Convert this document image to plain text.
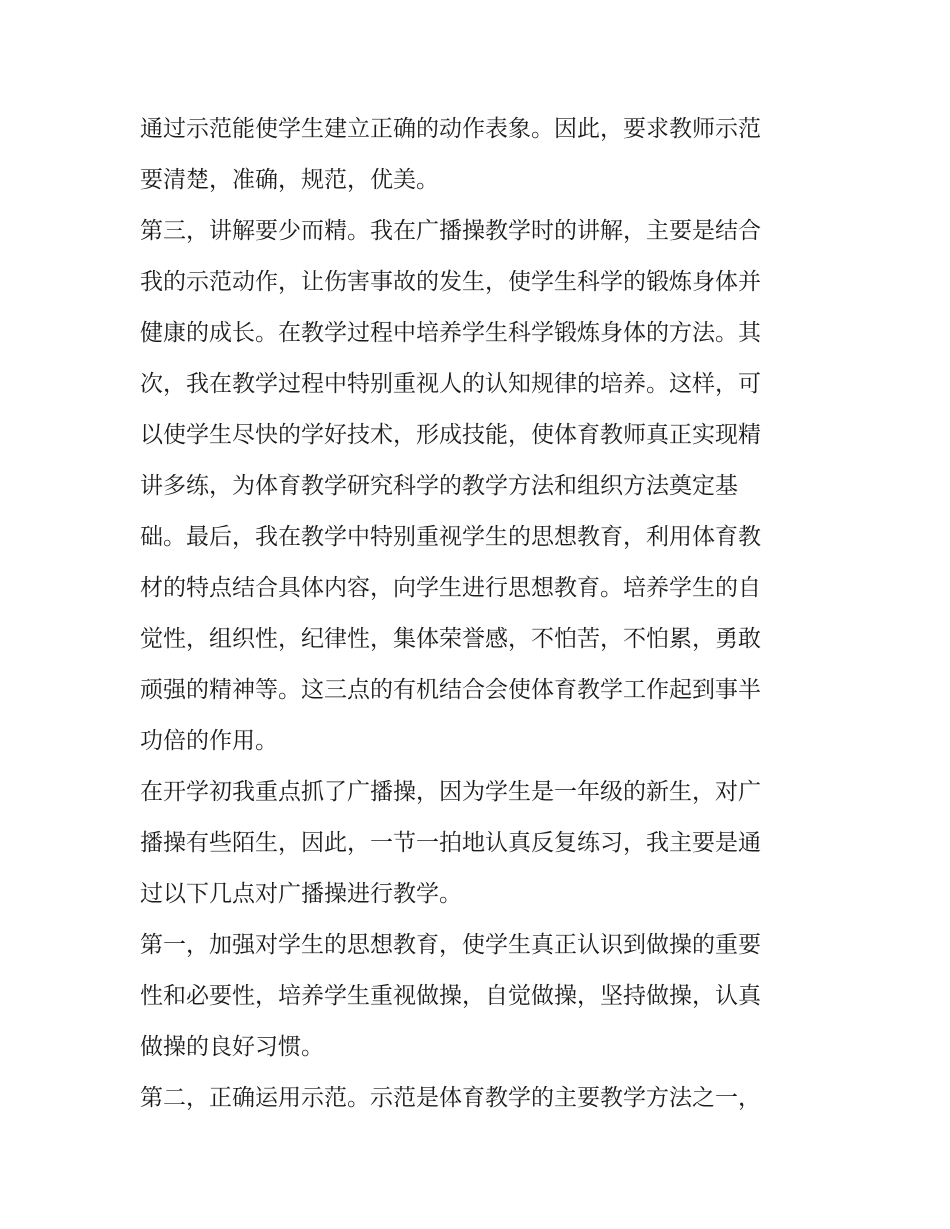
通过示范能使学生建立正确的动作表象。因此，要求教师示范
要清楚，准确，规范，优美。
第三，讲解要少而精。我在广播操教学时的讲解，主要是结合
我的示范动作，让伤害事故的发生，使学生科学的锻炼身体并
健康的成长。在教学过程中培养学生科学锻炼身体的方法。其
次，我在教学过程中特别重视人的认知规律的培养。这样，可
以使学生尽快的学好技术，形成技能，使体育教师真正实现精
讲多练，为体育教学研究科学的教学方法和组织方法奠定基
础。最后，我在教学中特别重视学生的思想教育，利用体育教
材的特点结合具体内容，向学生进行思想教育。培养学生的自
觉性，组织性，纪律性，集体荣誉感，不怕苦，不怕累，勇敢
顽强的精神等。这三点的有机结合会使体育教学工作起到事半
功倍的作用。
在开学初我重点抓了广播操，因为学生是一年级的新生，对广
播操有些陌生，因此，一节一拍地认真反复练习，我主要是通
过以下几点对广播操进行教学。
第一，加强对学生的思想教育，使学生真正认识到做操的重要
性和必要性，培养学生重视做操，自觉做操，坚持做操，认真
做操的良好习惯。
第二，正确运用示范。示范是体育教学的主要教学方法之一，
